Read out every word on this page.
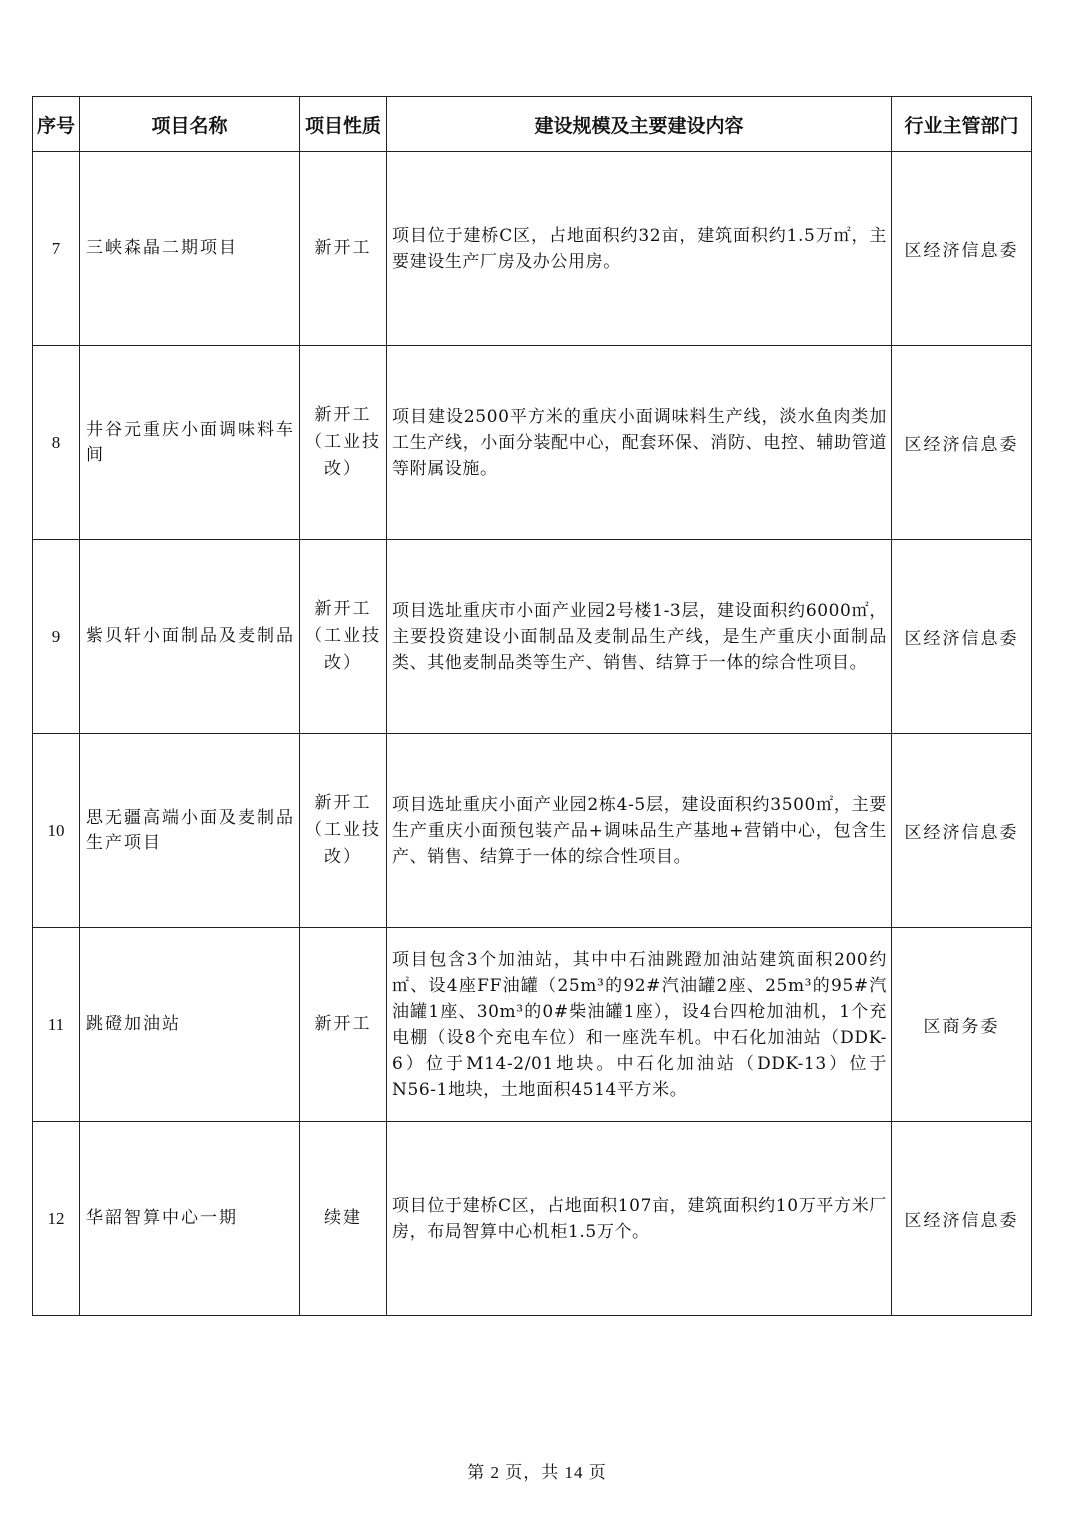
序号	项目名称	项目性质	建设规模及主要建设内容	行业主管部门
7	三峡森晶二期项目	新开工	项目位于建桥C区，占地面积约32亩，建筑面积约1.5万㎡，主要建设生产厂房及办公用房。	区经济信息委
8	井谷元重庆小面调味料车间	新开工（工业技改）	项目建设2500平方米的重庆小面调味料生产线，淡水鱼肉类加工生产线，小面分装配中心，配套环保、消防、电控、辅助管道等附属设施。	区经济信息委
9	紫贝轩小面制品及麦制品	新开工（工业技改）	项目选址重庆市小面产业园2号楼1-3层，建设面积约6000㎡，主要投资建设小面制品及麦制品生产线，是生产重庆小面制品类、其他麦制品类等生产、销售、结算于一体的综合性项目。	区经济信息委
10	思无疆高端小面及麦制品生产项目	新开工（工业技改）	项目选址重庆小面产业园2栋4-5层，建设面积约3500㎡，主要生产重庆小面预包装产品+调味品生产基地+营销中心，包含生产、销售、结算于一体的综合性项目。	区经济信息委
11	跳磴加油站	新开工	项目包含3个加油站，其中中石油跳蹬加油站建筑面积200约㎡、设4座FF油罐（25m³的92#汽油罐2座、25m³的95#汽油罐1座、30m³的0#柴油罐1座），设4台四枪加油机，1个充电棚（设8个充电车位）和一座洗车机。中石化加油站（DDK-6）位于M14-2/01地块。中石化加油站（DDK-13）位于N56-1地块，土地面积4514平方米。	区商务委
12	华韶智算中心一期	续建	项目位于建桥C区，占地面积107亩，建筑面积约10万平方米厂房，布局智算中心机柜1.5万个。	区经济信息委
第 2 页，共 14 页
